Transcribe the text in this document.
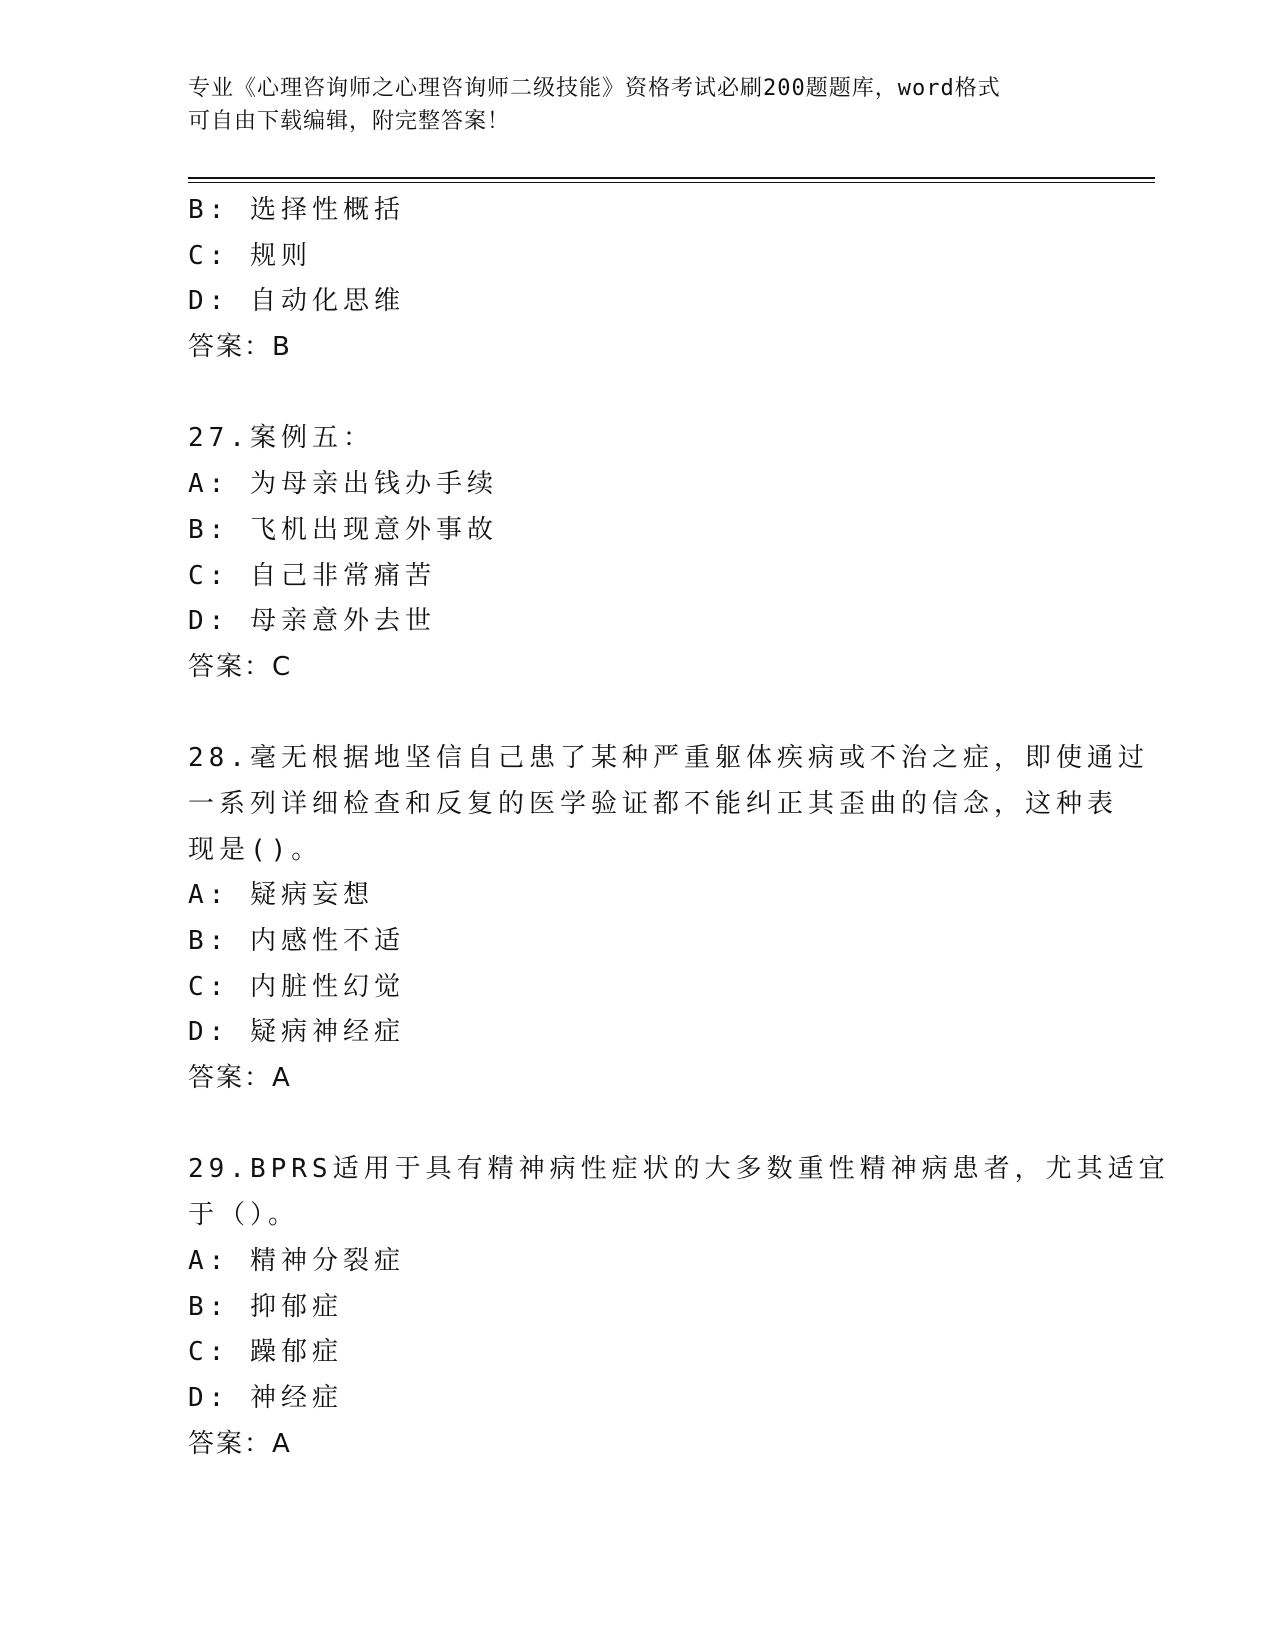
专业《心理咨询师之心理咨询师二级技能》资格考试必刷200题题库，word格式
可自由下载编辑，附完整答案！
B: 选择性概括
C: 规则
D: 自动化思维
答案：B
27.案例五：
A: 为母亲出钱办手续
B: 飞机出现意外事故
C: 自己非常痛苦
D: 母亲意外去世
答案：C
28.毫无根据地坚信自己患了某种严重躯体疾病或不治之症，即使通过
一系列详细检查和反复的医学验证都不能纠正其歪曲的信念，这种表
现是()。
A: 疑病妄想
B: 内感性不适
C: 内脏性幻觉
D: 疑病神经症
答案：A
29.BPRS适用于具有精神病性症状的大多数重性精神病患者，尤其适宜
于（）。
A: 精神分裂症
B: 抑郁症
C: 躁郁症
D: 神经症
答案：A
